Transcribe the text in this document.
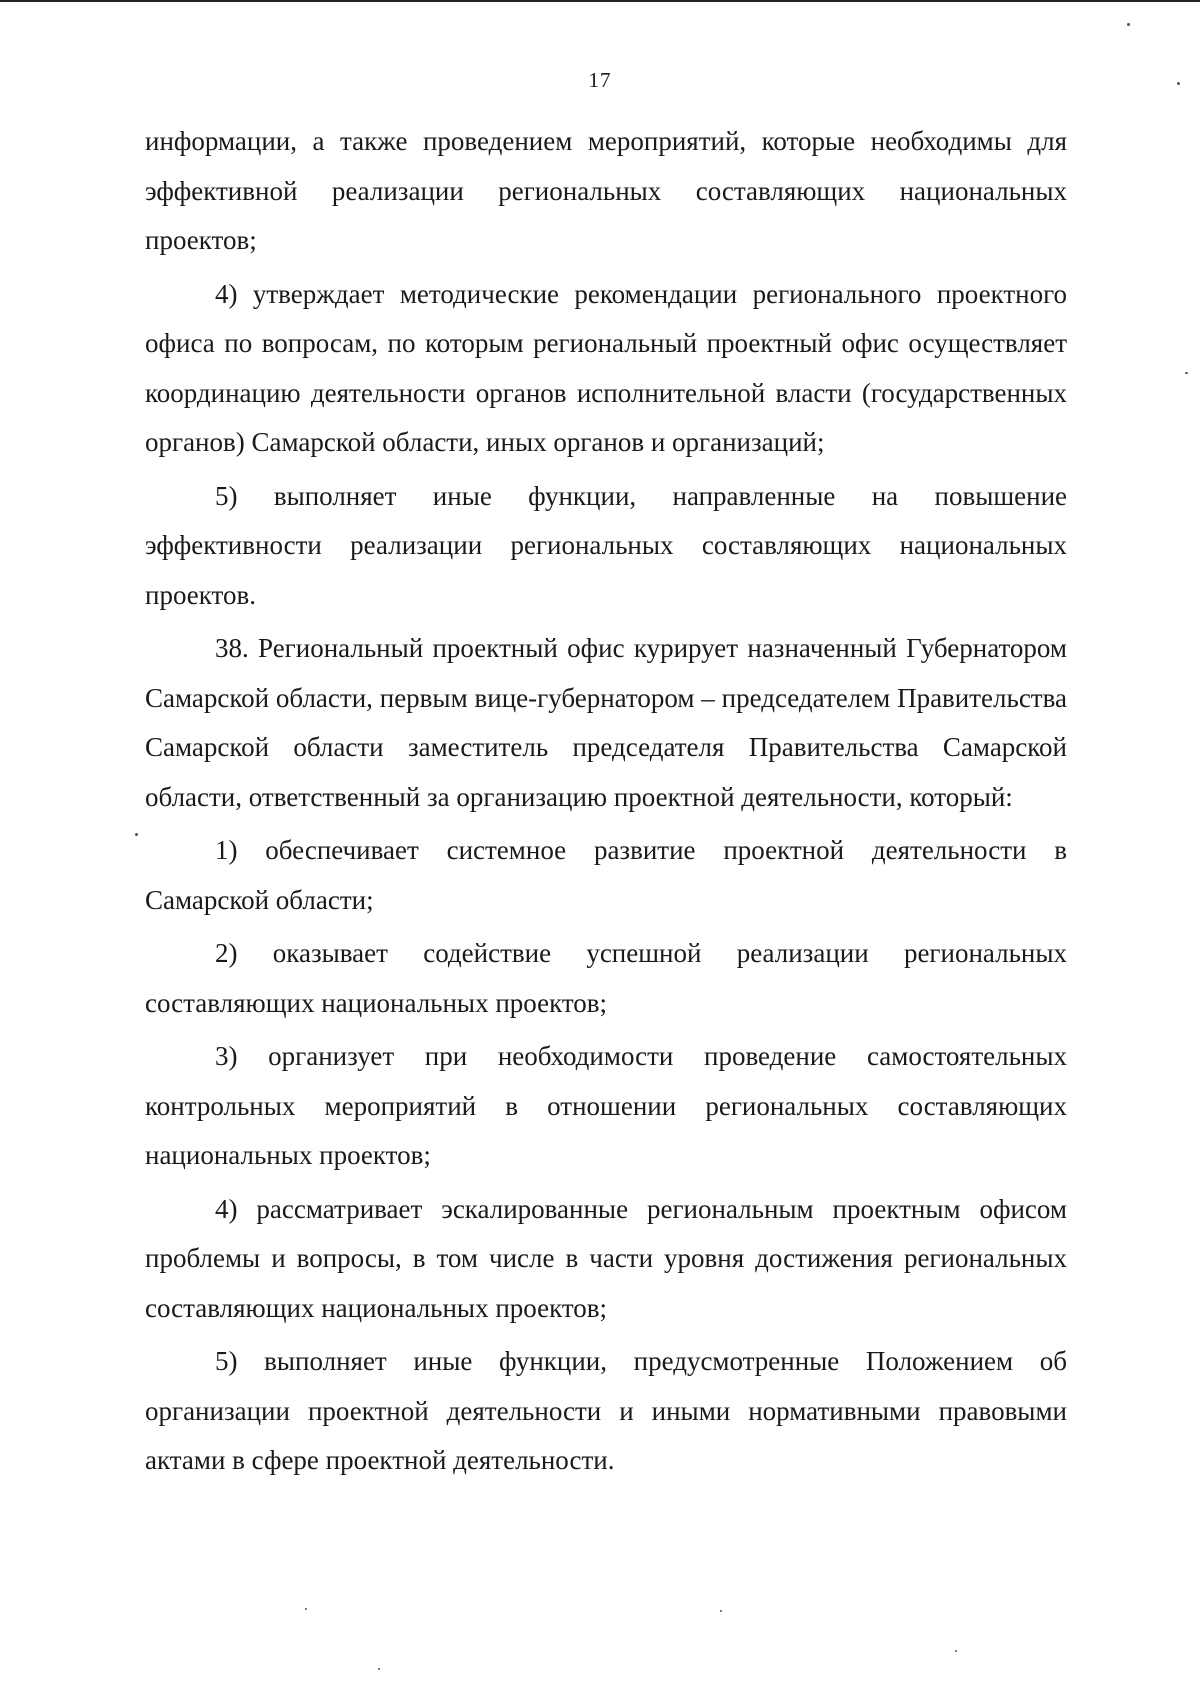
17

информации, а также проведением мероприятий, которые необходимы для эффективной реализации региональных составляющих национальных проектов;

4) утверждает методические рекомендации регионального проектного офиса по вопросам, по которым региональный проектный офис осуществляет координацию деятельности органов исполнительной власти (государственных органов) Самарской области, иных органов и организаций;

5) выполняет иные функции, направленные на повышение эффективности реализации региональных составляющих национальных проектов.

38. Региональный проектный офис курирует назначенный Губернатором Самарской области, первым вице-губернатором – председателем Правительства Самарской области заместитель председателя Правительства Самарской области, ответственный за организацию проектной деятельности, который:

1) обеспечивает системное развитие проектной деятельности в Самарской области;

2) оказывает содействие успешной реализации региональных составляющих национальных проектов;

3) организует при необходимости проведение самостоятельных контрольных мероприятий в отношении региональных составляющих национальных проектов;

4) рассматривает эскалированные региональным проектным офисом проблемы и вопросы, в том числе в части уровня достижения региональных составляющих национальных проектов;

5) выполняет иные функции, предусмотренные Положением об организации проектной деятельности и иными нормативными правовыми актами в сфере проектной деятельности.
